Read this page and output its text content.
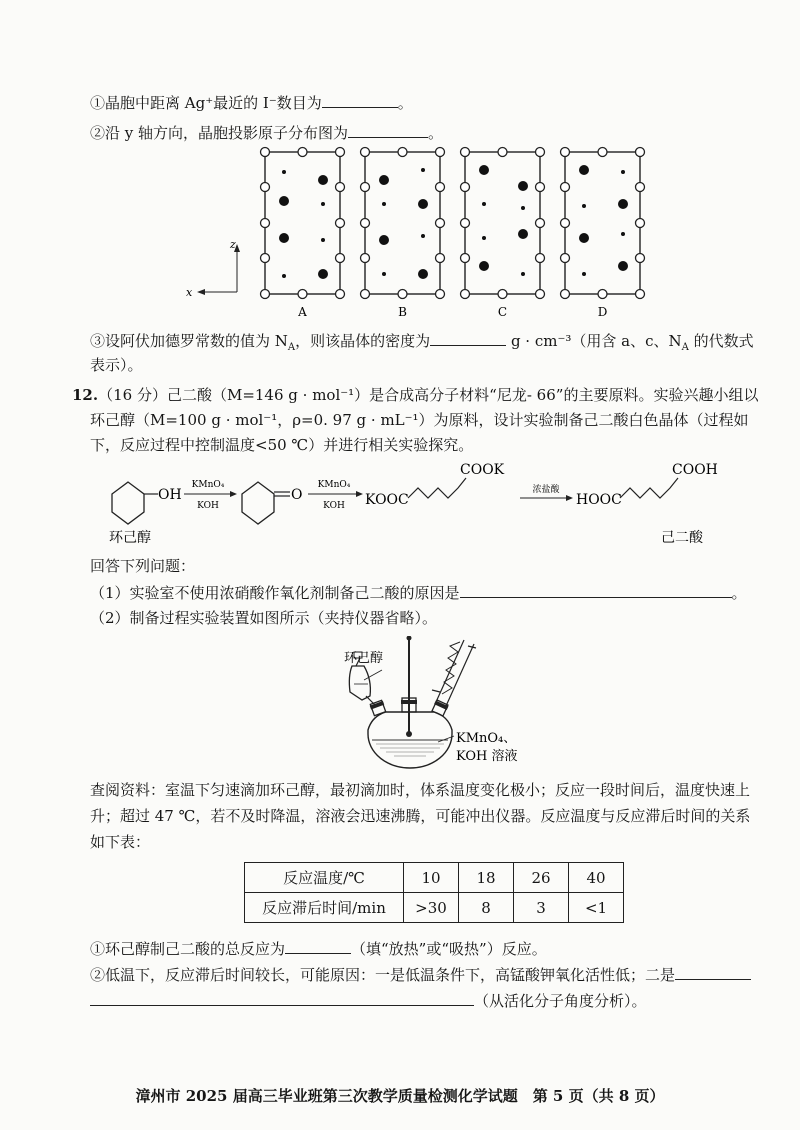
①晶胞中距离 Ag⁺最近的 I⁻数目为	。
②沿 y 轴方向，晶胞投影原子分布图为	。
z
x
A	B	C	D
③设阿伏加德罗常数的值为 $N_A$，则该晶体的密度为	g · cm⁻³（用含 a、c、$N_A$ 的代数式
表示）。
12.（16 分）己二酸（M=146 g · mol⁻¹）是合成高分子材料“尼龙- 66”的主要原料。实验兴趣小组以
环己醇（M=100 g · mol⁻¹，ρ=0. 97 g · mL⁻¹）为原料，设计实验制备己二酸白色晶体（过程如
下，反应过程中控制温度<50 ℃）并进行相关实验探究。
OH
KMnO₄
KOH
O
KMnO₄
KOH KOOC
COOK
浓盐酸
HOOC
COOH
环己醇	己二酸
回答下列问题：
（1）实验室不使用浓硝酸作氧化剂制备己二酸的原因是	。
（2）制备过程实验装置如图所示（夹持仪器省略）。
环己醇
KMnO₄、
KOH 溶液
查阅资料：室温下匀速滴加环己醇，最初滴加时，体系温度变化极小；反应一段时间后，温度快速上
升；超过 47 ℃，若不及时降温，溶液会迅速沸腾，可能冲出仪器。反应温度与反应滞后时间的关系
如下表：
反应温度/℃	10	18	26	40
反应滞后时间/min	>30	8	3	<1
①环己醇制己二酸的总反应为	（填“放热”或“吸热”）反应。
②低温下，反应滞后时间较长，可能原因：一是低温条件下，高锰酸钾氧化活性低；二是
（从活化分子角度分析）。
漳州市 2025 届高三毕业班第三次教学质量检测化学试题　第 5 页（共 8 页）
